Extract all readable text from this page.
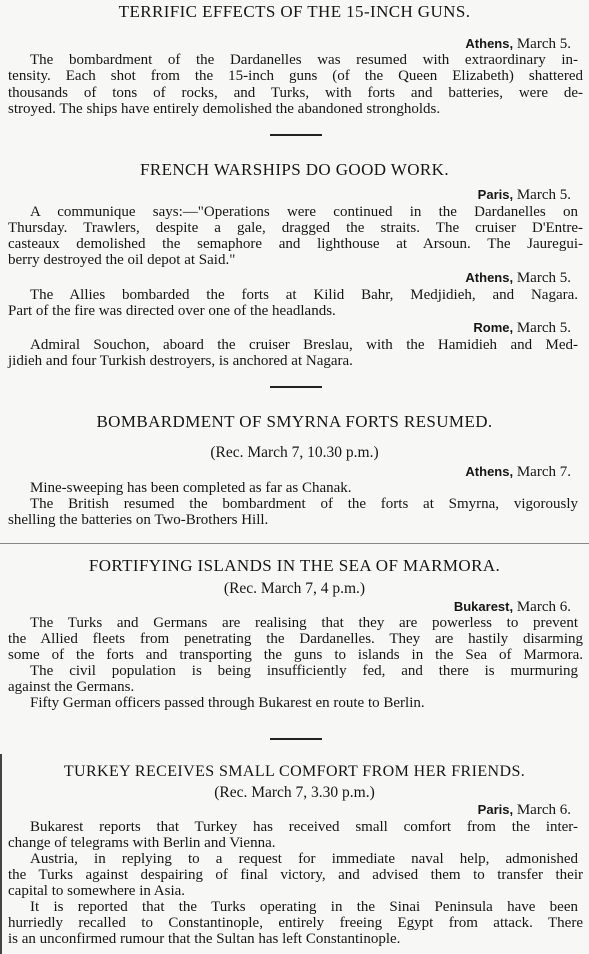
TERRIFIC EFFECTS OF THE 15-INCH GUNS.
Athens, March 5.
The bombardment of the Dardanelles was resumed with extraordinary in-
tensity. Each shot from the 15-inch guns (of the Queen Elizabeth) shattered
thousands of tons of rocks, and Turks, with forts and batteries, were de-
stroyed. The ships have entirely demolished the abandoned strongholds.
FRENCH WARSHIPS DO GOOD WORK.
Paris, March 5.
A communique says:—"Operations were continued in the Dardanelles on
Thursday. Trawlers, despite a gale, dragged the straits. The cruiser D'Entre-
casteaux demolished the semaphore and lighthouse at Arsoun. The Jauregui-
berry destroyed the oil depot at Said."
Athens, March 5.
The Allies bombarded the forts at Kilid Bahr, Medjidieh, and Nagara.
Part of the fire was directed over one of the headlands.
Rome, March 5.
Admiral Souchon, aboard the cruiser Breslau, with the Hamidieh and Med-
jidieh and four Turkish destroyers, is anchored at Nagara.
BOMBARDMENT OF SMYRNA FORTS RESUMED.
(Rec. March 7, 10.30 p.m.)
Athens, March 7.
Mine-sweeping has been completed as far as Chanak.
The British resumed the bombardment of the forts at Smyrna, vigorously
shelling the batteries on Two-Brothers Hill.
FORTIFYING ISLANDS IN THE SEA OF MARMORA.
(Rec. March 7, 4 p.m.)
Bukarest, March 6.
The Turks and Germans are realising that they are powerless to prevent
the Allied fleets from penetrating the Dardanelles. They are hastily disarming
some of the forts and transporting the guns to islands in the Sea of Marmora.
The civil population is being insufficiently fed, and there is murmuring
against the Germans.
Fifty German officers passed through Bukarest en route to Berlin.
TURKEY RECEIVES SMALL COMFORT FROM HER FRIENDS.
(Rec. March 7, 3.30 p.m.)
Paris, March 6.
Bukarest reports that Turkey has received small comfort from the inter-
change of telegrams with Berlin and Vienna.
Austria, in replying to a request for immediate naval help, admonished
the Turks against despairing of final victory, and advised them to transfer their
capital to somewhere in Asia.
It is reported that the Turks operating in the Sinai Peninsula have been
hurriedly recalled to Constantinople, entirely freeing Egypt from attack. There
is an unconfirmed rumour that the Sultan has left Constantinople.
